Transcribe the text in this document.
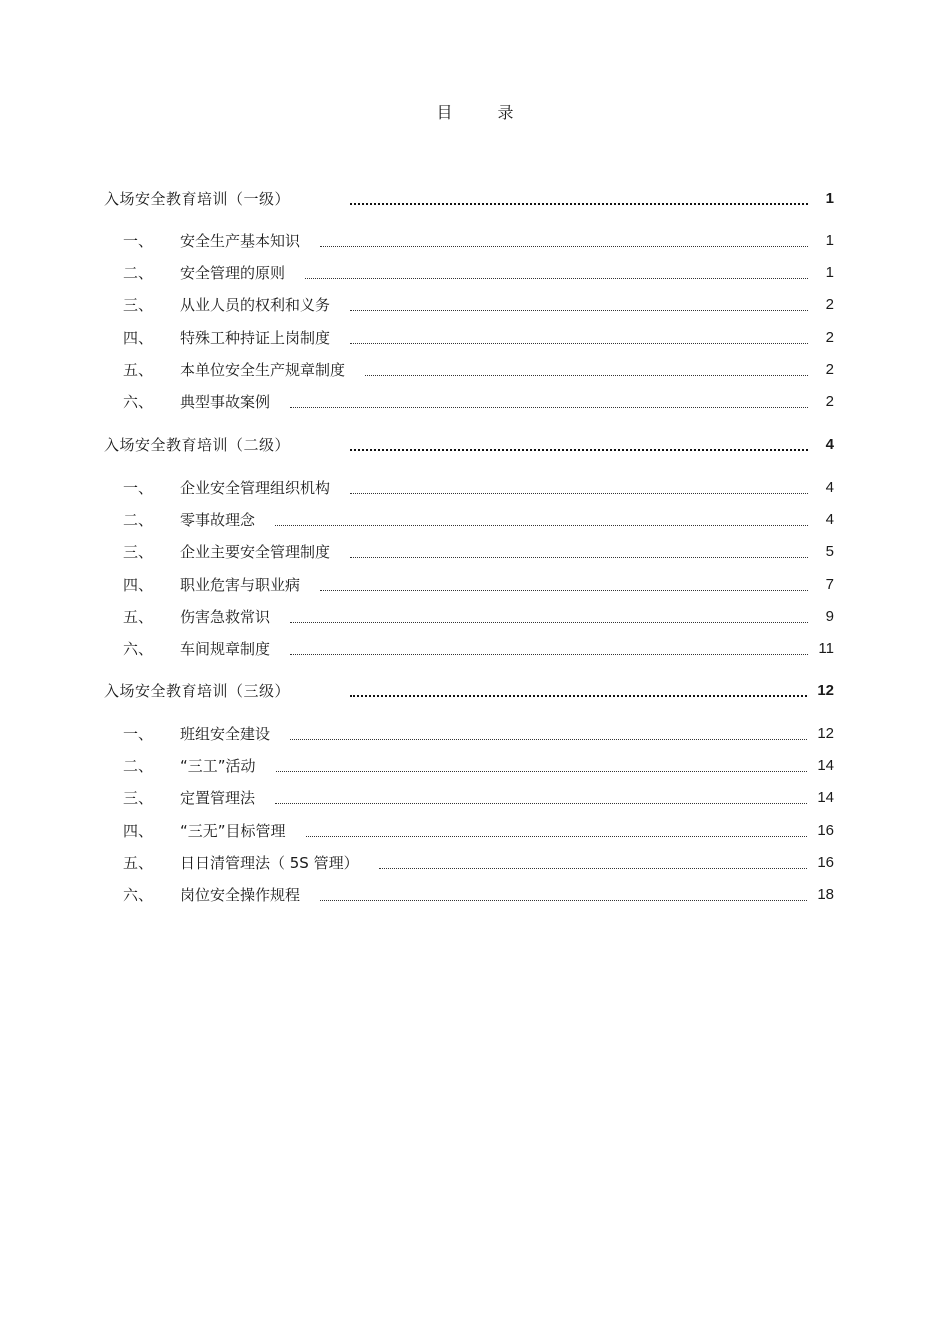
目 录
入场安全教育培训（一级）	1
一、	安全生产基本知识	1
二、	安全管理的原则	1
三、	从业人员的权利和义务	2
四、	特殊工种持证上岗制度	2
五、	本单位安全生产规章制度	2
六、	典型事故案例	2
入场安全教育培训（二级）	4
一、	企业安全管理组织机构	4
二、	零事故理念	4
三、	企业主要安全管理制度	5
四、	职业危害与职业病	7
五、	伤害急救常识	9
六、	车间规章制度	11
入场安全教育培训（三级）	12
一、	班组安全建设	12
二、	“三工”活动	14
三、	定置管理法	14
四、	“三无”目标管理	16
五、	日日清管理法（ 5S 管理）	16
六、	岗位安全操作规程	18
